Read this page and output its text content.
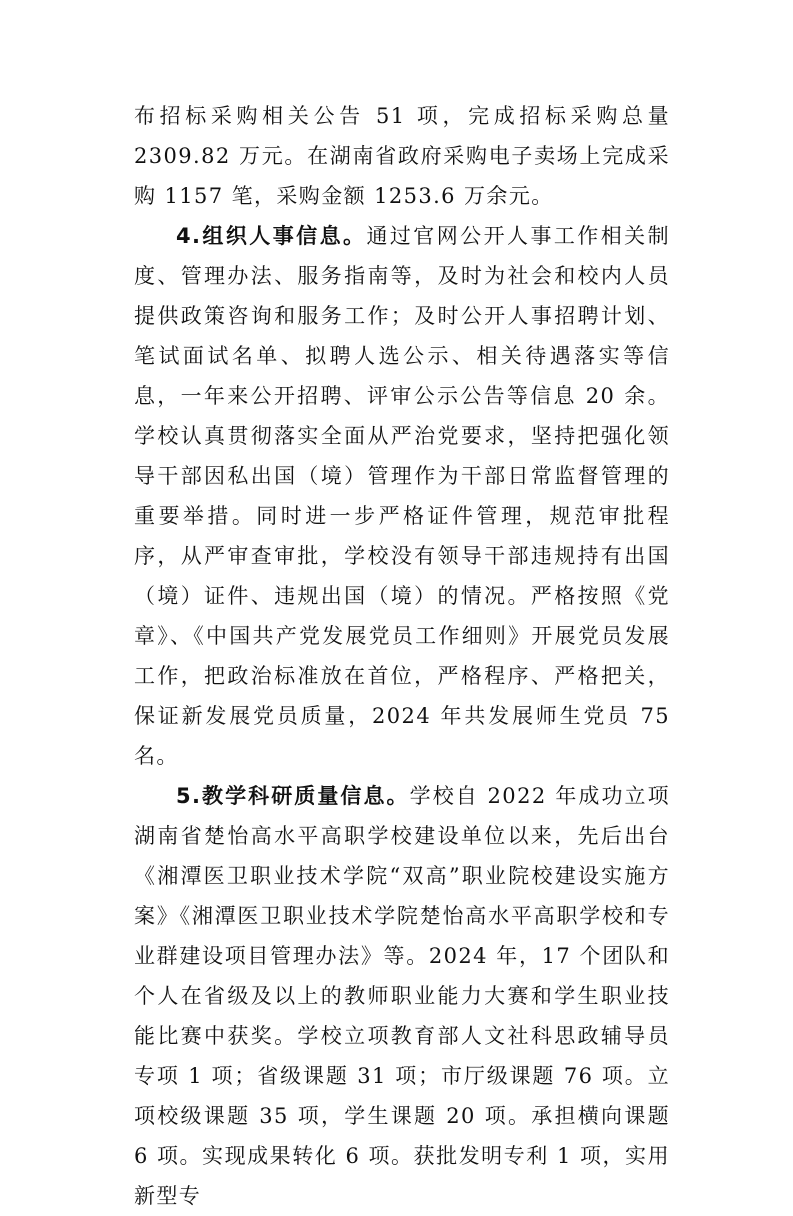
布招标采购相关公告 51 项，完成招标采购总量 2309.82 万元。在湖南省政府采购电子卖场上完成采购 1157 笔，采购金额 1253.6 万余元。

4.组织人事信息。通过官网公开人事工作相关制度、管理办法、服务指南等，及时为社会和校内人员提供政策咨询和服务工作；及时公开人事招聘计划、笔试面试名单、拟聘人选公示、相关待遇落实等信息，一年来公开招聘、评审公示公告等信息 20 余。学校认真贯彻落实全面从严治党要求，坚持把强化领导干部因私出国（境）管理作为干部日常监督管理的重要举措。同时进一步严格证件管理，规范审批程序，从严审查审批，学校没有领导干部违规持有出国（境）证件、违规出国（境）的情况。严格按照《党章》、《中国共产党发展党员工作细则》开展党员发展工作，把政治标准放在首位，严格程序、严格把关，保证新发展党员质量，2024 年共发展师生党员 75 名。

5.教学科研质量信息。学校自 2022 年成功立项湖南省楚怡高水平高职学校建设单位以来，先后出台《湘潭医卫职业技术学院“双高”职业院校建设实施方案》《湘潭医卫职业技术学院楚怡高水平高职学校和专业群建设项目管理办法》等。2024 年，17 个团队和个人在省级及以上的教师职业能力大赛和学生职业技能比赛中获奖。学校立项教育部人文社科思政辅导员专项 1 项；省级课题 31 项；市厅级课题 76 项。立项校级课题 35 项，学生课题 20 项。承担横向课题 6 项。实现成果转化 6 项。获批发明专利 1 项，实用新型专
